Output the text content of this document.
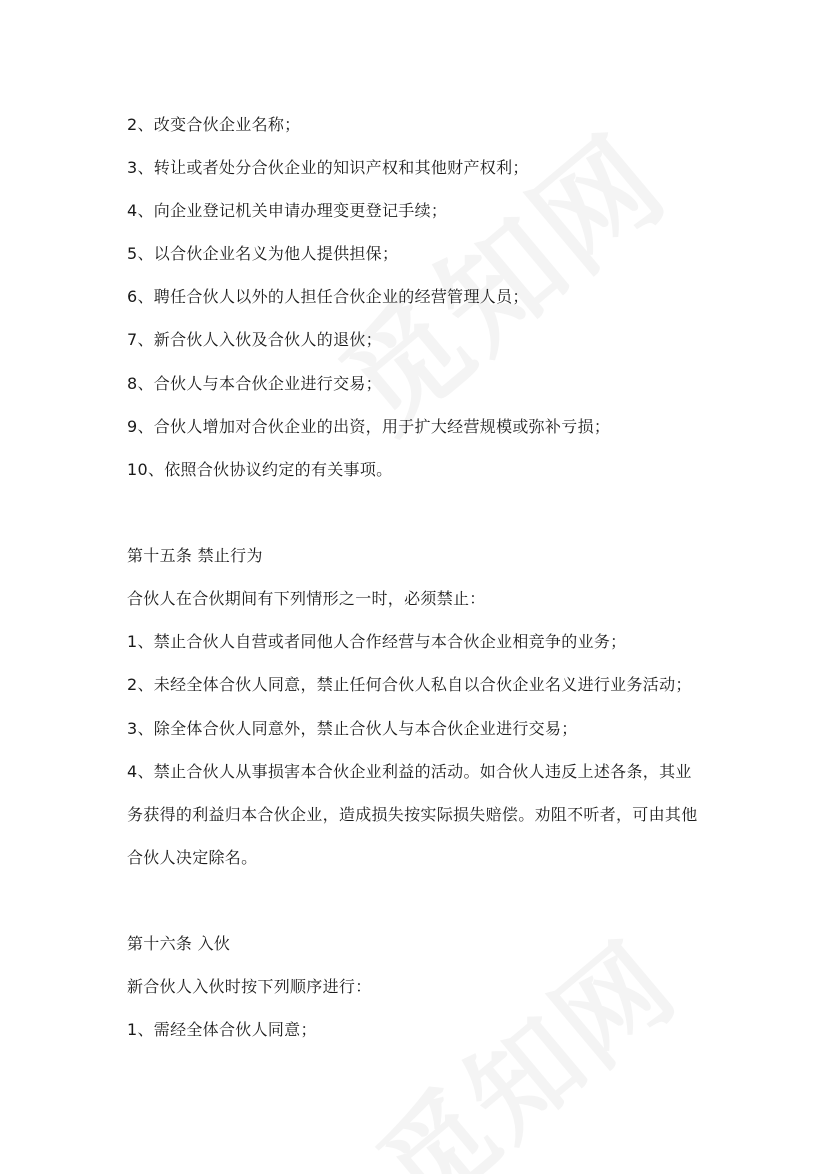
2、改变合伙企业名称；
3、转让或者处分合伙企业的知识产权和其他财产权利；
4、向企业登记机关申请办理变更登记手续；
5、以合伙企业名义为他人提供担保；
6、聘任合伙人以外的人担任合伙企业的经营管理人员；
7、新合伙人入伙及合伙人的退伙；
8、合伙人与本合伙企业进行交易；
9、合伙人增加对合伙企业的出资，用于扩大经营规模或弥补亏损；
10、依照合伙协议约定的有关事项。
第十五条 禁止行为
合伙人在合伙期间有下列情形之一时，必须禁止：
1、禁止合伙人自营或者同他人合作经营与本合伙企业相竞争的业务；
2、未经全体合伙人同意，禁止任何合伙人私自以合伙企业名义进行业务活动；
3、除全体合伙人同意外，禁止合伙人与本合伙企业进行交易；
4、禁止合伙人从事损害本合伙企业利益的活动。如合伙人违反上述各条，其业
务获得的利益归本合伙企业，造成损失按实际损失赔偿。劝阻不听者，可由其他
合伙人决定除名。
第十六条 入伙
新合伙人入伙时按下列顺序进行：
1、需经全体合伙人同意；
